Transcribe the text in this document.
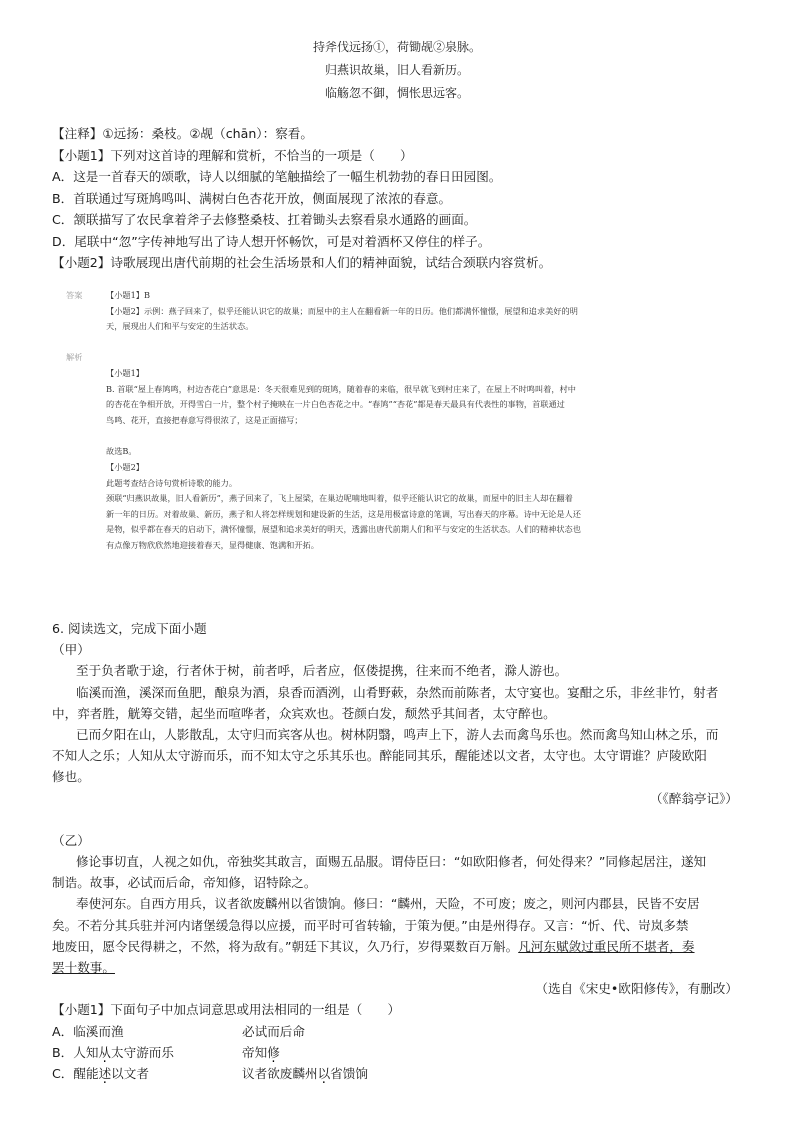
持斧伐远扬①，荷锄觇②泉脉。
归燕识故巢，旧人看新历。
临觞忽不御，惆怅思远客。
【注释】①远扬：桑枝。②觇（chān）：察看。
【小题1】下列对这首诗的理解和赏析，不恰当的一项是（　　）
A．这是一首春天的颂歌，诗人以细腻的笔触描绘了一幅生机勃勃的春日田园图。
B．首联通过写斑鸠鸣叫、满树白色杏花开放，侧面展现了浓浓的春意。
C．颔联描写了农民拿着斧子去修整桑枝、扛着锄头去察看泉水通路的画面。
D．尾联中“忽”字传神地写出了诗人想开怀畅饮，可是对着酒杯又停住的样子。
【小题2】诗歌展现出唐代前期的社会生活场景和人们的精神面貌，试结合颈联内容赏析。
答案	【小题1】B
【小题2】示例：燕子回来了，似乎还能认识它的故巢；而屋中的主人在翻看新一年的日历。他们都满怀憧憬，展望和追求美好的明
天，展现出人们和平与安定的生活状态。
解析
【小题1】
B. 首联“屋上春鸠鸣，村边杏花白”意思是：冬天很难见到的斑鸠，随着春的来临，很早就飞到村庄来了，在屋上不时鸣叫着，村中
的杏花在争相开放，开得雪白一片，整个村子掩映在一片白色杏花之中。“春鸠”“杏花”都是春天最具有代表性的事物，首联通过
鸟鸣、花开，直接把春意写得很浓了，这是正面描写；
故选B。
【小题2】
此题考查结合诗句赏析诗歌的能力。
颈联“归燕识故巢，旧人看新历”，燕子回来了，飞上屋梁，在巢边呢喃地叫着，似乎还能认识它的故巢，而屋中的旧主人却在翻着
新一年的日历。对着故巢、新历，燕子和人将怎样规划和建设新的生活，这是用极富诗意的笔调，写出春天的序幕。诗中无论是人还
是物，似乎都在春天的启动下，满怀憧憬，展望和追求美好的明天，透露出唐代前期人们和平与安定的生活状态。人们的精神状态也
有点像万物欣欣然地迎接着春天，显得健康、饱满和开拓。
6. 阅读选文，完成下面小题
（甲）
至于负者歌于途，行者休于树，前者呼，后者应，伛偻提携，往来而不绝者，滁人游也。
临溪而渔，溪深而鱼肥，酿泉为酒，泉香而酒洌，山肴野蔌，杂然而前陈者，太守宴也。宴酣之乐，非丝非竹，射者
中，弈者胜，觥筹交错，起坐而喧哗者，众宾欢也。苍颜白发，颓然乎其间者，太守醉也。
已而夕阳在山，人影散乱，太守归而宾客从也。树林阴翳，鸣声上下，游人去而禽鸟乐也。然而禽鸟知山林之乐，而
不知人之乐；人知从太守游而乐，而不知太守之乐其乐也。醉能同其乐，醒能述以文者，太守也。太守谓谁？庐陵欧阳
修也。
（《醉翁亭记》）
（乙）
修论事切直，人视之如仇，帝独奖其敢言，面赐五品服。谓侍臣曰：“如欧阳修者，何处得来？”同修起居注，遂知
制诰。故事，必试而后命，帝知修，诏特除之。
奉使河东。自西方用兵，议者欲废麟州以省馈饷。修曰：“麟州，天险，不可废；废之，则河内郡县，民皆不安居
矣。不若分其兵驻并河内诸堡缓急得以应援，而平时可省转输，于策为便。”由是州得存。又言：“忻、代、岢岚多禁
地废田，愿令民得耕之，不然，将为敌有。”朝廷下其议，久乃行，岁得粟数百万斛。凡河东赋敛过重民所不堪者，奏
罢十数事。
（选自《宋史•欧阳修传》，有删改）
【小题1】下面句子中加点词意思或用法相同的一组是（　　）
A．临溪而渔	必试而后命
B．人知从太守游而乐	帝知修
C．醒能述以文者	议者欲废麟州以省馈饷
